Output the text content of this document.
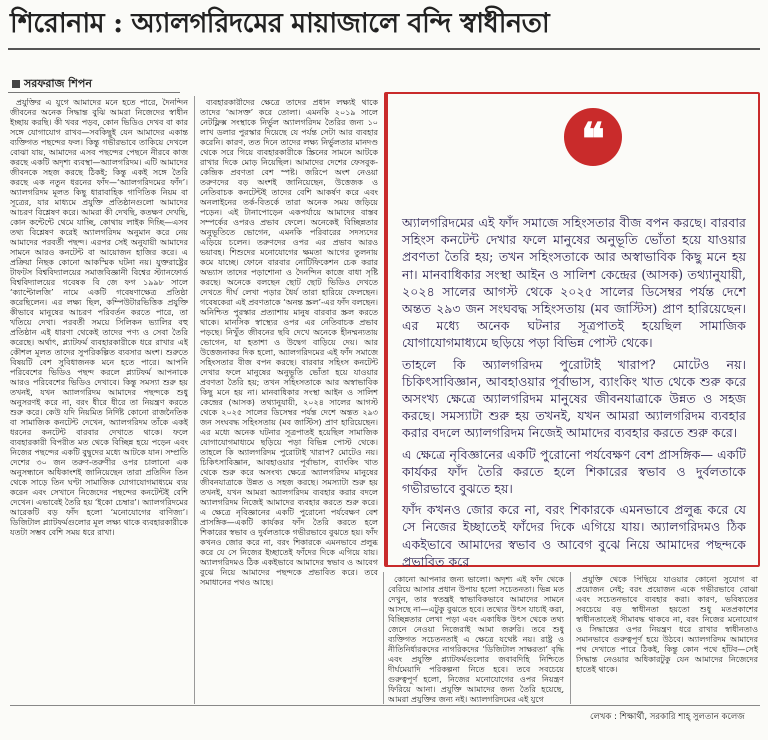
শিরোনাম : অ্যালগরিদমের মায়াজালে বন্দি স্বাধীনতা
সরফরাজ শিপন

প্রযুক্তির এ যুগে আমাদের মনে হতে পারে, দৈনন্দিন জীবনের অনেক সিদ্ধান্ত বুঝি আমরা নিজেদের স্বাধীন ইচ্ছায় করছি। কী খবর পড়ব, কোন ভিডিও দেখব বা কার সঙ্গে যোগাযোগ রাখব—সবকিছুই যেন আমাদের একান্ত ব্যক্তিগত পছন্দের ফল। কিন্তু গভীরভাবে তাকিয়ে দেখলে বোঝা যায়, আমাদের এসব পছন্দের পেছনে নীরবে কাজ করছে একটি অদৃশ্য ব্যবস্থা—অ্যালগরিদম। এটি আমাদের জীবনকে সহজ করছে ঠিকই; কিন্তু একই সঙ্গে তৈরি করছে এক নতুন ধরনের ফাঁদ—‘অ্যালগরিদমের ফাঁদ’। অ্যালগরিদম মূলত কিছু ধারাবাহিক গাণিতিক নিয়ম বা সূত্রের, যার মাধ্যমে প্রযুক্তি প্রতিষ্ঠানগুলো আমাদের আচরণ বিশ্লেষণ করে। আমরা কী দেখছি, কতক্ষণ দেখছি, কোন কন্টেন্টে থেমে যাচ্ছি, কোথায় লাইক দিচ্ছি—এসব তথ্য বিশ্লেষণ করেই অ্যালগরিদম অনুমান করে নেয় আমাদের পরবর্তী পছন্দ। এরপর সেই অনুযায়ী আমাদের সামনে আরও কনটেন্ট বা আয়োজন হাজির করে। এ প্রক্রিয়া নিছক কোনো আকস্মিক ঘটনা নয়। যুক্তরাষ্ট্রের টাফটস বিশ্ববিদ্যালয়ের সমাজবিজ্ঞানী বিশ্বের স্ট্যানফোর্ড বিশ্ববিদ্যালয়ের গবেষক বি জে ফগ ১৯৯৮ সালে ‘ক্যাপ্টোলজি’ নামে একটি গবেষণাক্ষেত্র প্রতিষ্ঠা করেছিলেন। এর লক্ষ্য ছিল, কম্পিউটারভিত্তিক প্রযুক্তি কীভাবে মানুষের আচরণ পরিবর্তন করতে পারে, তা খতিয়ে দেখা। পরবর্তী সময়ে সিলিকন ভ্যালির বহু প্রতিষ্ঠান এই ধারণা থেকেই তাদের পণ্য ও সেবা তৈরি করেছে। অর্থাৎ, প্ল্যাটফর্ম ব্যবহারকারীকে ধরে রাখার এই কৌশল মূলত তাদের সুপরিকল্পিত ব্যবসার অংশ। শুরুতে বিষয়টি বেশ সুবিধাজনক মনে হতে পারে। আপনি পরিবেশের ভিডিও পছন্দ করলে প্ল্যাটফর্ম আপনাকে আরও পরিবেশের ভিডিও দেখাবে। কিন্তু সমস্যা শুরু হয় তখনই, যখন অ্যালগরিদম আমাদের পছন্দকে শুধু অনুসরণই করে না, বরং ধীরে ধীরে তা নিয়ন্ত্রণ করতে শুরু করে। কেউ যদি নিয়মিত নির্দিষ্ট কোনো রাজনৈতিক বা সামাজিক কনটেন্ট দেখেন, অ্যালগরিদম তাঁকে একই ধরনের কনটেন্ট বারবার দেখাতে থাকে। ফলে ব্যবহারকারী বিপরীত মত থেকে বিচ্ছিন্ন হয়ে পড়েন এবং নিজের পছন্দের একটি বুদ্বুদের মধ্যে আটকে যান। সম্প্রতি দেশের ৩০ জন তরুণ-তরুণীর ওপর চালানো এক অনুসন্ধানে অধিকাংশই জানিয়েছেন তারা প্রতিদিন তিন থেকে সাড়ে তিন ঘণ্টা সামাজিক যোগাযোগমাধ্যমে ব্যয় করেন এবং সেখানে নিজেদের পছন্দের কনটেন্টই বেশি দেখেন। এভাবেই তৈরি হয় ‘ইকো চেম্বার’। অ্যালগরিদমের আরেকটি বড় ফাঁদ হলো ‘মনোযোগের বাণিজ্য’। ডিজিটাল প্ল্যাটফর্মগুলোর মূল লক্ষ্য থাকে ব্যবহারকারীকে যতটা সম্ভব বেশি সময় ধরে রাখা।

ব্যবহারকারীদের ক্ষেত্রে তাদের প্রধান লক্ষ্যই থাকে তাদের ‘আসক্ত’ করে তোলা। এমনকি ২০১৯ সালে নেটফ্লিক্স সংস্থাকে নির্ভুল অ্যালগরিদম তৈরির জন্য ১০ লাখ ডলার পুরস্কার দিয়েছে যে পর্যন্ত সেটা আর ব্যবহার করেনি। কারণ, তত দিনে তাদের লক্ষ্য নির্ভুলতার মানদণ্ড থেকে সরে গিয়ে ব্যবহারকারীকে স্ক্রিনের সামনে আটকে রাখার দিকে মোড় নিয়েছিল। আমাদের দেশের ফেসবুক-কেন্দ্রিক প্রবণতা বেশ স্পষ্ট। জরিপে অংশ নেওয়া তরুণদের বড় অংশই জানিয়েছেন, উত্তেজক ও নেতিবাচক কনটেন্টই তাদের বেশি আকর্ষণ করে এবং অনলাইনের তর্ক-বিতর্কে তারা অনেক সময় জড়িয়ে পড়েন। এই টানাপোড়েন একপর্যায়ে আমাদের বাস্তব সম্পর্কের ওপরও প্রভাব ফেলে। অনেকেই বিচ্ছিন্নতার অনুভূতিতে ভোগেন, এমনকি পরিবারের সদস্যদের এড়িয়ে চলেন। তরুণদের ওপর এর প্রভাব আরও ভয়াবহ। শিশুদের মনোযোগের ক্ষমতা আগের তুলনায় কমে যাচ্ছে। ফোনে বারবার নোটিফিকেশন চেক করার অভ্যাস তাদের পড়াশোনা ও দৈনন্দিন কাজে বাধা সৃষ্টি করছে। অনেকে বলছেন ছোট ছোট ভিডিও দেখতে দেখতে দীর্ঘ লেখা পড়ার ধৈর্য তারা হারিয়ে ফেলছেন। গবেষকেরা এই প্রবণতাকে ‘অনন্ত স্ক্রল’-এর ফাঁদ বলছেন। অনিশ্চিত পুরস্কার প্রত্যাশায় মানুষ বারবার স্ক্রল করতে থাকে। মানসিক স্বাস্থ্যের ওপর এর নেতিবাচক প্রভাব পড়ছে। নিখুঁত জীবনের ছবি দেখে অনেকে হীনম্মন্যতায় ভোগেন, যা হতাশা ও উদ্বেগ বাড়িয়ে দেয়। আর উত্তেজনাকর দিক হলো, অ্যালগরিদমের এই ফাঁদ সমাজে সহিংসতার বীজ বপন করছে। বারবার সহিংস কনটেন্ট দেখার ফলে মানুষের অনুভূতি ভোঁতা হয়ে যাওয়ার প্রবণতা তৈরি হয়; তখন সহিংসতাকে আর অস্বাভাবিক কিছু মনে হয় না। মানবাধিকার সংস্থা আইন ও সালিশ কেন্দ্রের (আসক) তথ্যানুযায়ী, ২০২৪ সালের আগস্ট থেকে ২০২৫ সালের ডিসেম্বর পর্যন্ত দেশে অন্তত ২৯৩ জন সংঘবদ্ধ সহিংসতায় (মব জাস্টিস) প্রাণ হারিয়েছেন। এর মধ্যে অনেক ঘটনার সূত্রপাতই হয়েছিল সামাজিক যোগাযোগমাধ্যমে ছড়িয়ে পড়া বিভিন্ন পোস্ট থেকে। তাহলে কি অ্যালগরিদম পুরোটাই খারাপ? মোটেও নয়। চিকিৎসাবিজ্ঞান, আবহাওয়ার পূর্বাভাস, ব্যাংকিং খাত থেকে শুরু করে অসংখ্য ক্ষেত্রে অ্যালগরিদম মানুষের জীবনযাত্রাকে উন্নত ও সহজ করছে। সমস্যাটা শুরু হয় তখনই, যখন আমরা অ্যালগরিদম ব্যবহার করার বদলে অ্যালগরিদম নিজেই আমাদের ব্যবহার করতে শুরু করে। এ ক্ষেত্রে নৃবিজ্ঞানের একটি পুরোনো পর্যবেক্ষণ বেশ প্রাসঙ্গিক—একটি কার্যকর ফাঁদ তৈরি করতে হলে শিকারের স্বভাব ও দুর্বলতাকে গভীরভাবে বুঝতে হয়। ফাঁদ কখনও জোর করে না, বরং শিকারকে এমনভাবে প্রলুব্ধ করে যে সে নিজের ইচ্ছাতেই ফাঁদের দিকে এগিয়ে যায়। অ্যালগরিদমও ঠিক একইভাবে আমাদের স্বভাব ও আবেগ বুঝে নিয়ে আমাদের পছন্দকে প্রভাবিত করে। তবে সমাধানের পথও আছে।

❝

অ্যালগরিদমের এই ফাঁদ সমাজে সহিংসতার বীজ বপন করছে। বারবার সহিংস কনটেন্ট দেখার ফলে মানুষের অনুভূতি ভোঁতা হয়ে যাওয়ার প্রবণতা তৈরি হয়; তখন সহিংসতাকে আর অস্বাভাবিক কিছু মনে হয় না। মানবাধিকার সংস্থা আইন ও সালিশ কেন্দ্রের (আসক) তথ্যানুযায়ী, ২০২৪ সালের আগস্ট থেকে ২০২৫ সালের ডিসেম্বর পর্যন্ত দেশে অন্তত ২৯৩ জন সংঘবদ্ধ সহিংসতায় (মব জাস্টিস) প্রাণ হারিয়েছেন। এর মধ্যে অনেক ঘটনার সূত্রপাতই হয়েছিল সামাজিক যোগাযোগমাধ্যমে ছড়িয়ে পড়া বিভিন্ন পোস্ট থেকে।

তাহলে কি অ্যালগরিদম পুরোটাই খারাপ? মোটেও নয়। চিকিৎসাবিজ্ঞান, আবহাওয়ার পূর্বাভাস, ব্যাংকিং খাত থেকে শুরু করে অসংখ্য ক্ষেত্রে অ্যালগরিদম মানুষের জীবনযাত্রাকে উন্নত ও সহজ করছে। সমস্যাটা শুরু হয় তখনই, যখন আমরা অ্যালগরিদম ব্যবহার করার বদলে অ্যালগরিদম নিজেই আমাদের ব্যবহার করতে শুরু করে।

এ ক্ষেত্রে নৃবিজ্ঞানের একটি পুরোনো পর্যবেক্ষণ বেশ প্রাসঙ্গিক— একটি কার্যকর ফাঁদ তৈরি করতে হলে শিকারের স্বভাব ও দুর্বলতাকে গভীরভাবে বুঝতে হয়।

ফাঁদ কখনও জোর করে না, বরং শিকারকে এমনভাবে প্রলুব্ধ করে যে সে নিজের ইচ্ছাতেই ফাঁদের দিকে এগিয়ে যায়। অ্যালগরিদমও ঠিক একইভাবে আমাদের স্বভাব ও আবেগ বুঝে নিয়ে আমাদের পছন্দকে প্রভাবিত করে

কোনো আপনার জন্য ভালো। অদৃশ্য এই ফাঁদ থেকে বেরিয়ে আসার প্রধান উপায় হলো সচেতনতা। ভিন্ন মত দেখুন, তার স্বতন্ত্রই স্বাভাবিকভাবে আমাদের সামনে আসছে না—এটুকু বুঝতে হবে। তথ্যের উৎস যাচাই করা, বিচ্ছিন্নতার লেখা পড়া এবং একাধিক উৎস থেকে তথ্য জেনে নেওয়া নিজেরাই আমা জরুরি। তবে শুধু ব্যক্তিগত সচেতনতাই এ ক্ষেত্রে যথেষ্ট নয়। রাষ্ট্র ও নীতিনির্ধারকদের নাগরিকদের ‘ডিজিটাল সাক্ষরতা’ বৃদ্ধি এবং প্রযুক্তি প্ল্যাটফর্মগুলোর জবাবদিহি নিশ্চিতে দীর্ঘমেয়াদি পরিকল্পনা নিতে হবে। তবে সবচেয়ে গুরুত্বপূর্ণ হলো, নিজের মনোযোগের ওপর নিয়ন্ত্রণ ফিরিয়ে আনা। প্রযুক্তি আমাদের জন্য তৈরি হয়েছে, আমরা প্রযুক্তির জন্য নই। অ্যালগরিদমের এই যুগে

প্রযুক্তি থেকে পিছিয়ে যাওয়ার কোনো সুযোগ বা প্রয়োজন নেই; বরং প্রয়োজন একে গভীরভাবে বোঝা এবং সচেতনভাবে ব্যবহার করা। কারণ, ভবিষ্যতের সবচেয়ে বড় স্বাধীনতা হয়তো শুধু মতপ্রকাশের স্বাধীনতাতেই সীমাবদ্ধ থাকবে না, বরং নিজের মনোযোগ ও সিদ্ধান্তের ওপর নিয়ন্ত্রণ ধরে রাখার স্বাধীনতাও সমানভাবে গুরুত্বপূর্ণ হয়ে উঠবে। অ্যালগরিদম আমাদের পথ দেখাতে পারে ঠিকই, কিন্তু কোন পথে হাঁটব—সেই সিদ্ধান্ত নেওয়ার অধিকারটুকু যেন আমাদের নিজেদের হাতেই থাকে।

লেখক : শিক্ষার্থী, সরকারি শাহ্ সুলতান কলেজ
